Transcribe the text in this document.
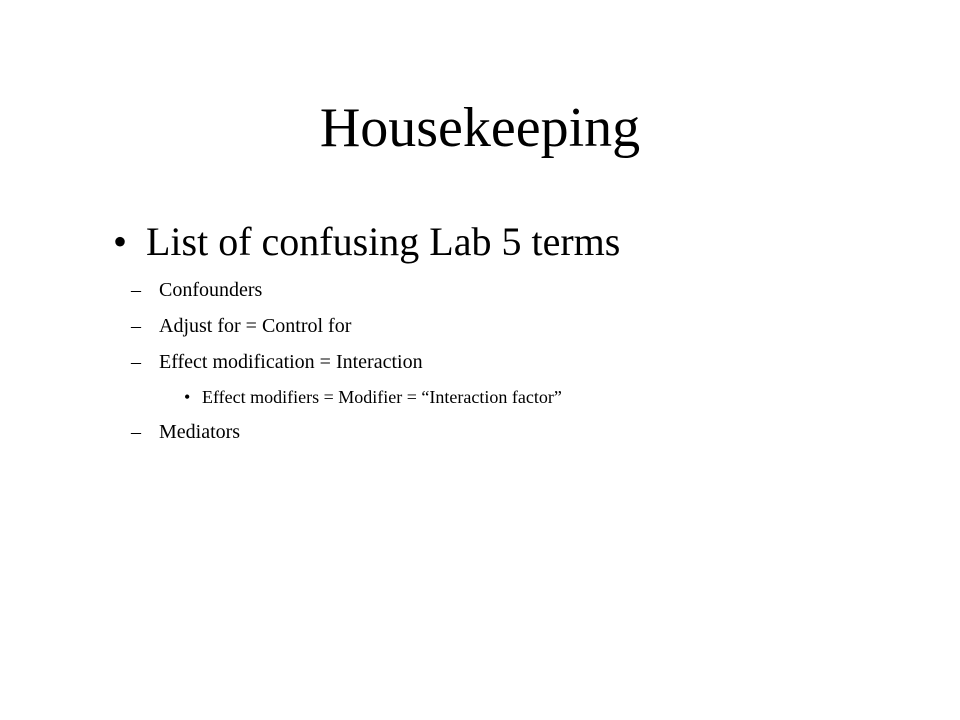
Housekeeping
• List of confusing Lab 5 terms
– Confounders
– Adjust for = Control for
– Effect modification = Interaction
• Effect modifiers = Modifier = “Interaction factor”
– Mediators
